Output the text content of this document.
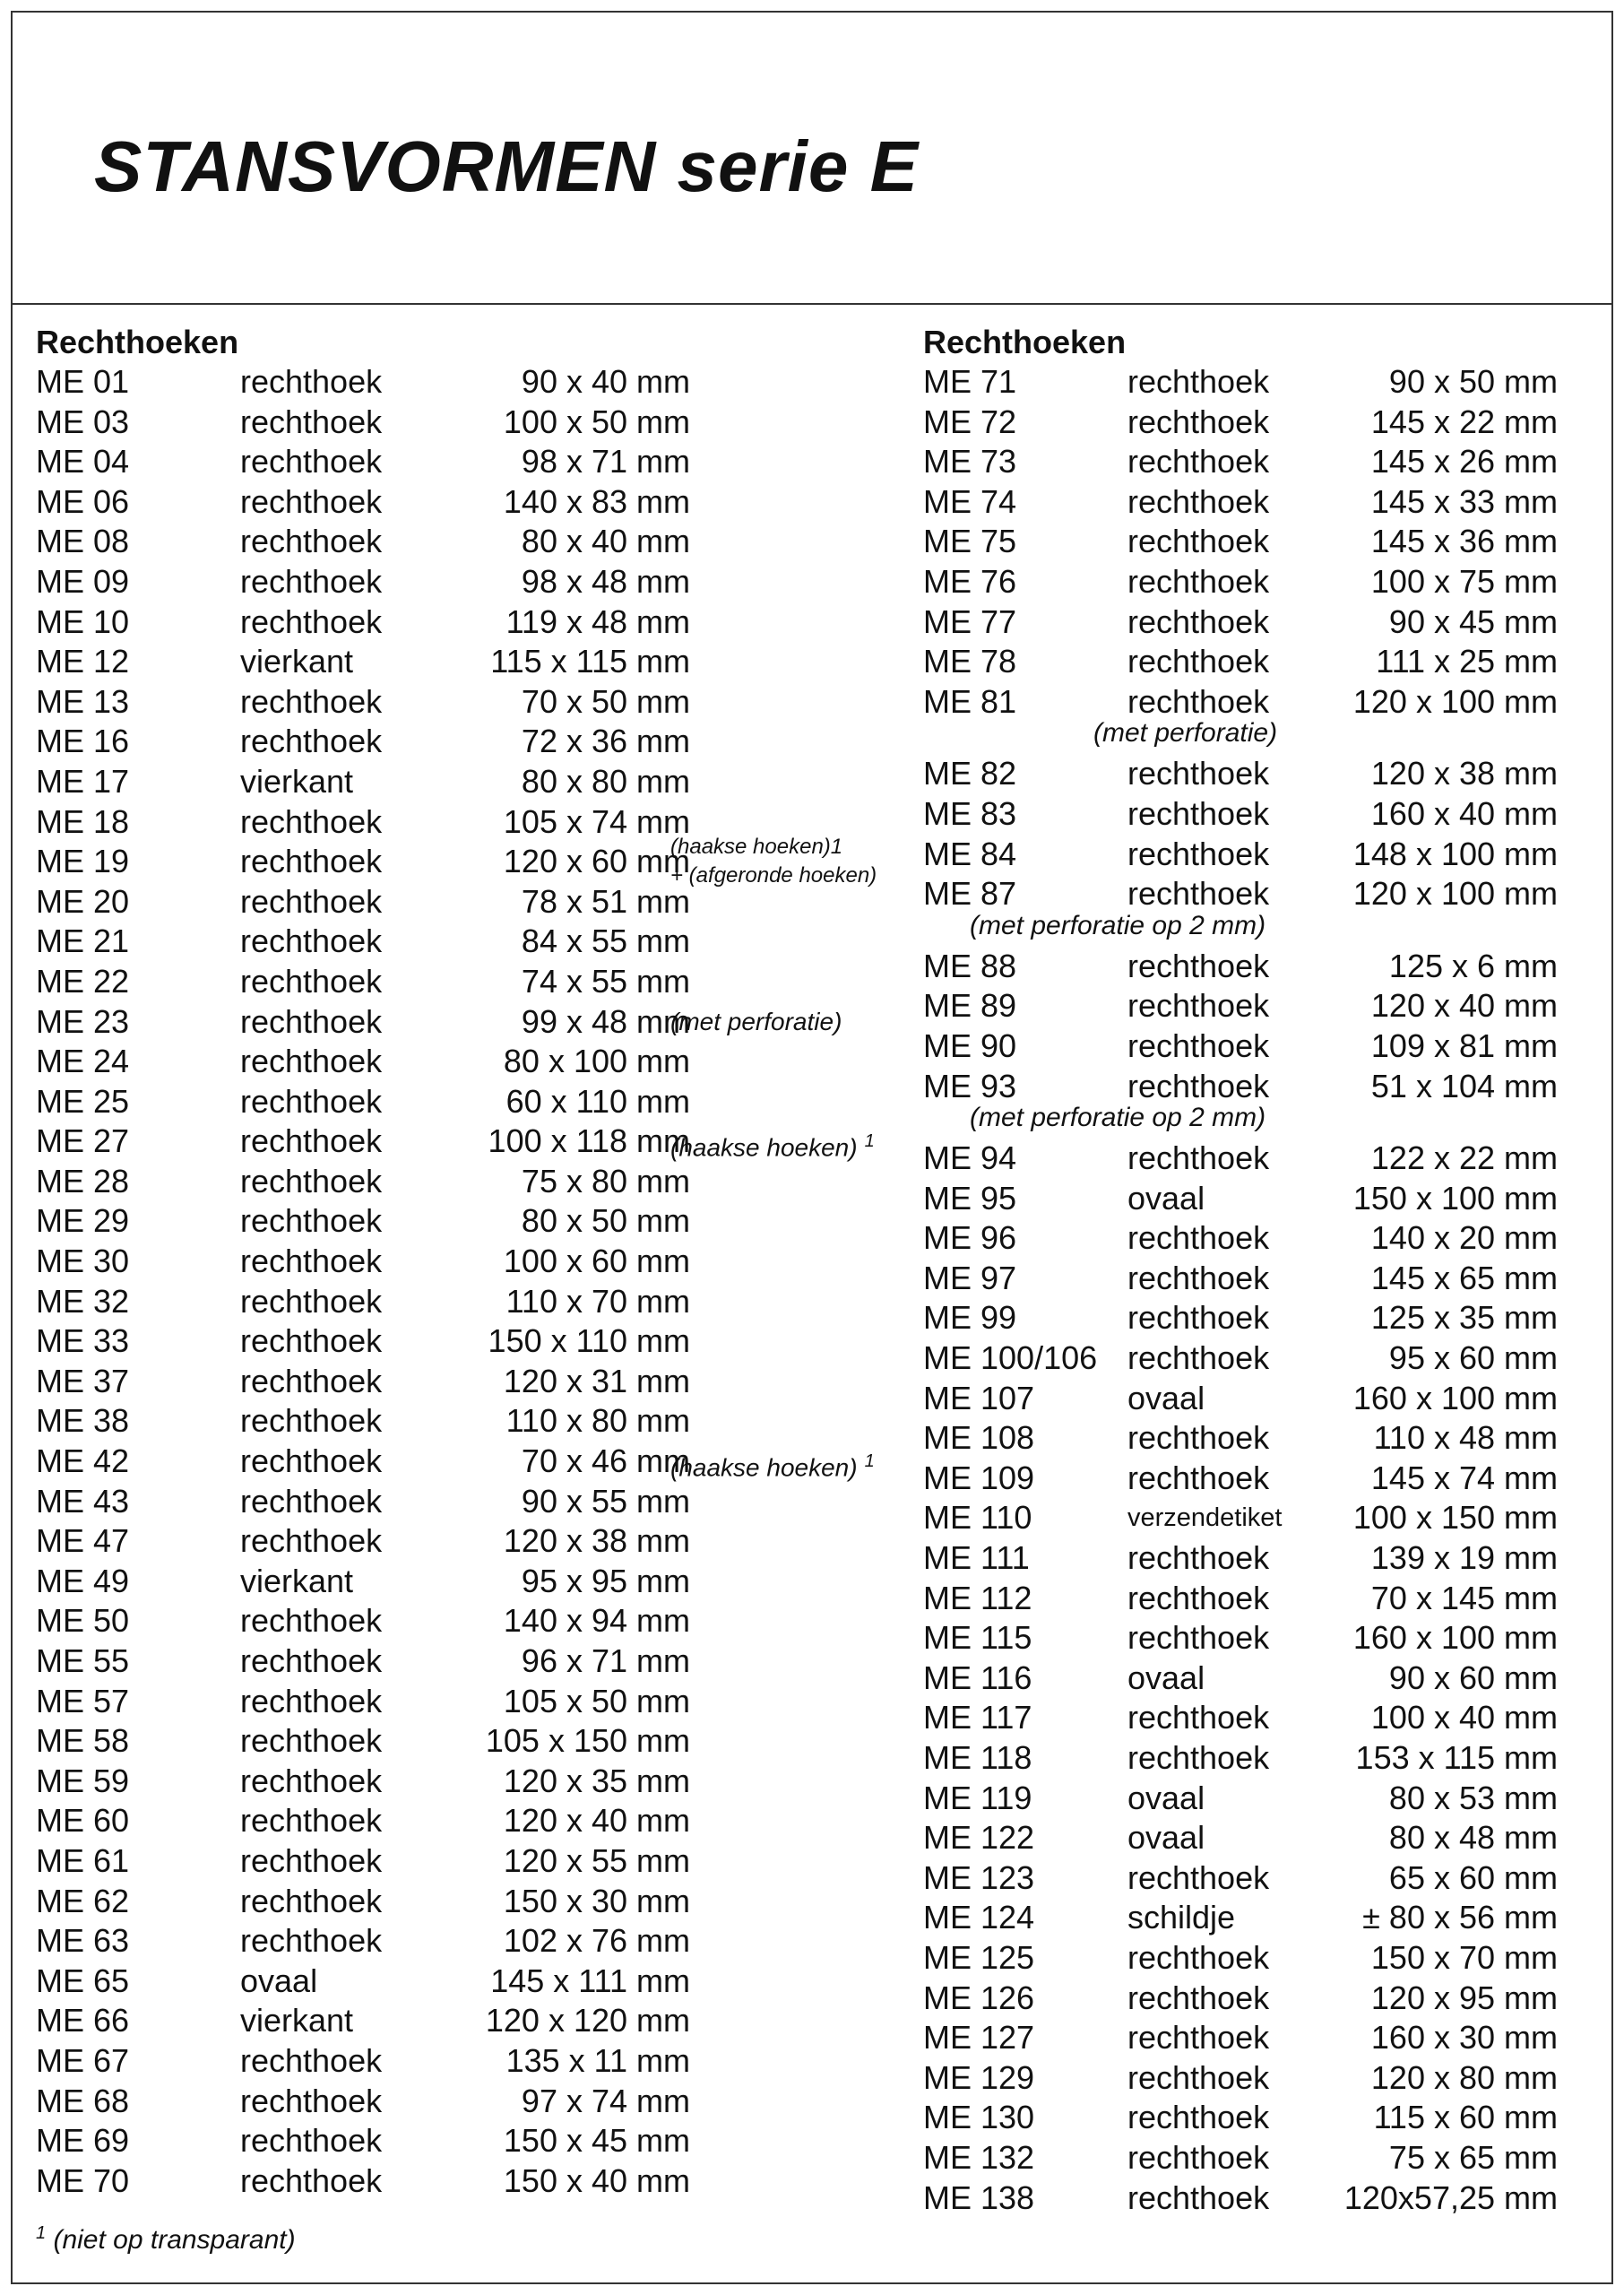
STANSVORMEN serie E
Rechthoeken
ME 01	rechthoek	90 x 40 mm
ME 03	rechthoek	100 x 50 mm
ME 04	rechthoek	98 x 71 mm
ME 06	rechthoek	140 x 83 mm
ME 08	rechthoek	80 x 40 mm
ME 09	rechthoek	98 x 48 mm
ME 10	rechthoek	119 x 48 mm
ME 12	vierkant	115 x 115 mm
ME 13	rechthoek	70 x 50 mm
ME 16	rechthoek	72 x 36 mm
ME 17	vierkant	80 x 80 mm
ME 18	rechthoek	105 x 74 mm
ME 19	rechthoek	120 x 60 mm
(haakse hoeken)1
+ (afgeronde hoeken)
ME 20	rechthoek	78 x 51 mm
ME 21	rechthoek	84 x 55 mm
ME 22	rechthoek	74 x 55 mm
ME 23	rechthoek	99 x 48 mm
(met perforatie)
ME 24	rechthoek	80 x 100 mm
ME 25	rechthoek	60 x 110 mm
ME 27	rechthoek	100 x 118 mm
(haakse hoeken) $^1$
ME 28	rechthoek	75 x 80 mm
ME 29	rechthoek	80 x 50 mm
ME 30	rechthoek	100 x 60 mm
ME 32	rechthoek	110 x 70 mm
ME 33	rechthoek	150 x 110 mm
ME 37	rechthoek	120 x 31 mm
ME 38	rechthoek	110 x 80 mm
ME 42	rechthoek	70 x 46 mm
(haakse hoeken) $^1$
ME 43	rechthoek	90 x 55 mm
ME 47	rechthoek	120 x 38 mm
ME 49	vierkant	95 x 95 mm
ME 50	rechthoek	140 x 94 mm
ME 55	rechthoek	96 x 71 mm
ME 57	rechthoek	105 x 50 mm
ME 58	rechthoek	105 x 150 mm
ME 59	rechthoek	120 x 35 mm
ME 60	rechthoek	120 x 40 mm
ME 61	rechthoek	120 x 55 mm
ME 62	rechthoek	150 x 30 mm
ME 63	rechthoek	102 x 76 mm
ME 65	ovaal	145 x 111 mm
ME 66	vierkant	120 x 120 mm
ME 67	rechthoek	135 x 11 mm
ME 68	rechthoek	97 x 74 mm
ME 69	rechthoek	150 x 45 mm
ME 70	rechthoek	150 x 40 mm
Rechthoeken
ME 71	rechthoek	90 x 50 mm
ME 72	rechthoek	145 x 22 mm
ME 73	rechthoek	145 x 26 mm
ME 74	rechthoek	145 x 33 mm
ME 75	rechthoek	145 x 36 mm
ME 76	rechthoek	100 x 75 mm
ME 77	rechthoek	90 x 45 mm
ME 78	rechthoek	111 x 25 mm
ME 81	rechthoek	120 x 100 mm
(met perforatie)
ME 82	rechthoek	120 x 38 mm
ME 83	rechthoek	160 x 40 mm
ME 84	rechthoek	148 x 100 mm
ME 87	rechthoek	120 x 100 mm
(met perforatie op 2 mm)
ME 88	rechthoek	125 x 6 mm
ME 89	rechthoek	120 x 40 mm
ME 90	rechthoek	109 x 81 mm
ME 93	rechthoek	51 x 104 mm
(met perforatie op 2 mm)
ME 94	rechthoek	122 x 22 mm
ME 95	ovaal	150 x 100 mm
ME 96	rechthoek	140 x 20 mm
ME 97	rechthoek	145 x 65 mm
ME 99	rechthoek	125 x 35 mm
ME 100/106 rechthoek	95 x 60 mm
ME 107	ovaal	160 x 100 mm
ME 108	rechthoek	110 x 48 mm
ME 109	rechthoek	145 x 74 mm
ME 110	verzendetiket	100 x 150 mm
ME 111	rechthoek	139 x 19 mm
ME 112	rechthoek	70 x 145 mm
ME 115	rechthoek	160 x 100 mm
ME 116	ovaal	90 x 60 mm
ME 117	rechthoek	100 x 40 mm
ME 118	rechthoek	153 x 115 mm
ME 119	ovaal	80 x 53 mm
ME 122	ovaal	80 x 48 mm
ME 123	rechthoek	65 x 60 mm
ME 124	schildje	± 80 x 56 mm
ME 125	rechthoek	150 x 70 mm
ME 126	rechthoek	120 x 95 mm
ME 127	rechthoek	160 x 30 mm
ME 129	rechthoek	120 x 80 mm
ME 130	rechthoek	115 x 60 mm
ME 132	rechthoek	75 x 65 mm
ME 138	rechthoek	120x57,25 mm
$^1$ (niet op transparant)
